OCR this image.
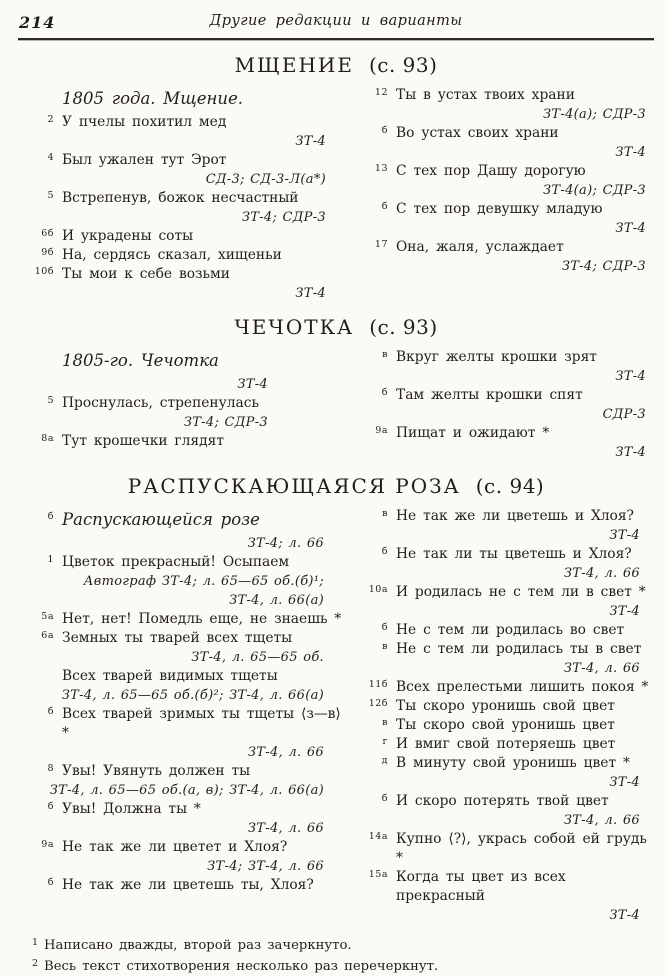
214	Другие редакции и варианты
МЩЕНИЕ (с. 93)
1805 года. Мщение.
2 У пчелы похитил мед
ЗТ-4
4 Был ужален тут Эрот
СД-3; СД-3-Л(а*)
5 Встрепенув, божок несчастный
ЗТ-4; СДР-3
6б И украдены соты
9б На, сердясь сказал, хищеньи
10б Ты мои к себе возьми
ЗТ-4
12 Ты в устах твоих храни
ЗТ-4(а); СДР-3
б Во устах своих храни
ЗТ-4
13 С тех пор Дашу дорогую
ЗТ-4(а); СДР-3
б С тех пор девушку младую
ЗТ-4
17 Она, жаля, услаждает
ЗТ-4; СДР-3
ЧЕЧОТКА (с. 93)
1805-го. Чечотка
ЗТ-4
5 Проснулась, стрепенулась
ЗТ-4; СДР-3
8а Тут крошечки глядят
в Вкруг желты крошки зрят
ЗТ-4
б Там желты крошки спят
СДР-3
9а Пищат и ожидают *
ЗТ-4
РАСПУСКАЮЩАЯСЯ РОЗА (с. 94)
б Распускающейся розе
ЗТ-4; л. 66
1 Цветок прекрасный! Осыпаем
Автограф ЗТ-4; л. 65—65 об.(б)¹;
ЗТ-4, л. 66(а)
5а Нет, нет! Помедль еще, не знаешь *
6а Земных ты тварей всех тщеты
ЗТ-4, л. 65—65 об.
Всех тварей видимых тщеты
ЗТ-4, л. 65—65 об.(б)²; ЗТ-4, л. 66(а)
б Всех тварей зримых ты тщеты ⟨з—в⟩ *
ЗТ-4, л. 66
8 Увы! Увянуть должен ты
ЗТ-4, л. 65—65 об.(а, в); ЗТ-4, л. 66(а)
б Увы! Должна ты *
ЗТ-4, л. 66
9а Не так же ли цветет и Хлоя?
ЗТ-4; ЗТ-4, л. 66
б Не так же ли цветешь ты, Хлоя?
в Не так же ли цветешь и Хлоя?
ЗТ-4
б Не так ли ты цветешь и Хлоя?
ЗТ-4, л. 66
10а И родилась не с тем ли в свет *
ЗТ-4
б Не с тем ли родилась во свет
в Не с тем ли родилась ты в свет
ЗТ-4, л. 66
11б Всех прелестьми лишить покоя *
12б Ты скоро уронишь свой цвет
в Ты скоро свой уронишь цвет
г И вмиг свой потеряешь цвет
д В минуту свой уронишь цвет *
ЗТ-4
б И скоро потерять твой цвет
ЗТ-4, л. 66
14а Купно ⟨?⟩, укрась собой ей грудь *
15а Когда ты цвет из всех прекрасный
ЗТ-4
1 Написано дважды, второй раз зачеркнуто.
2 Весь текст стихотворения несколько раз перечеркнут.
